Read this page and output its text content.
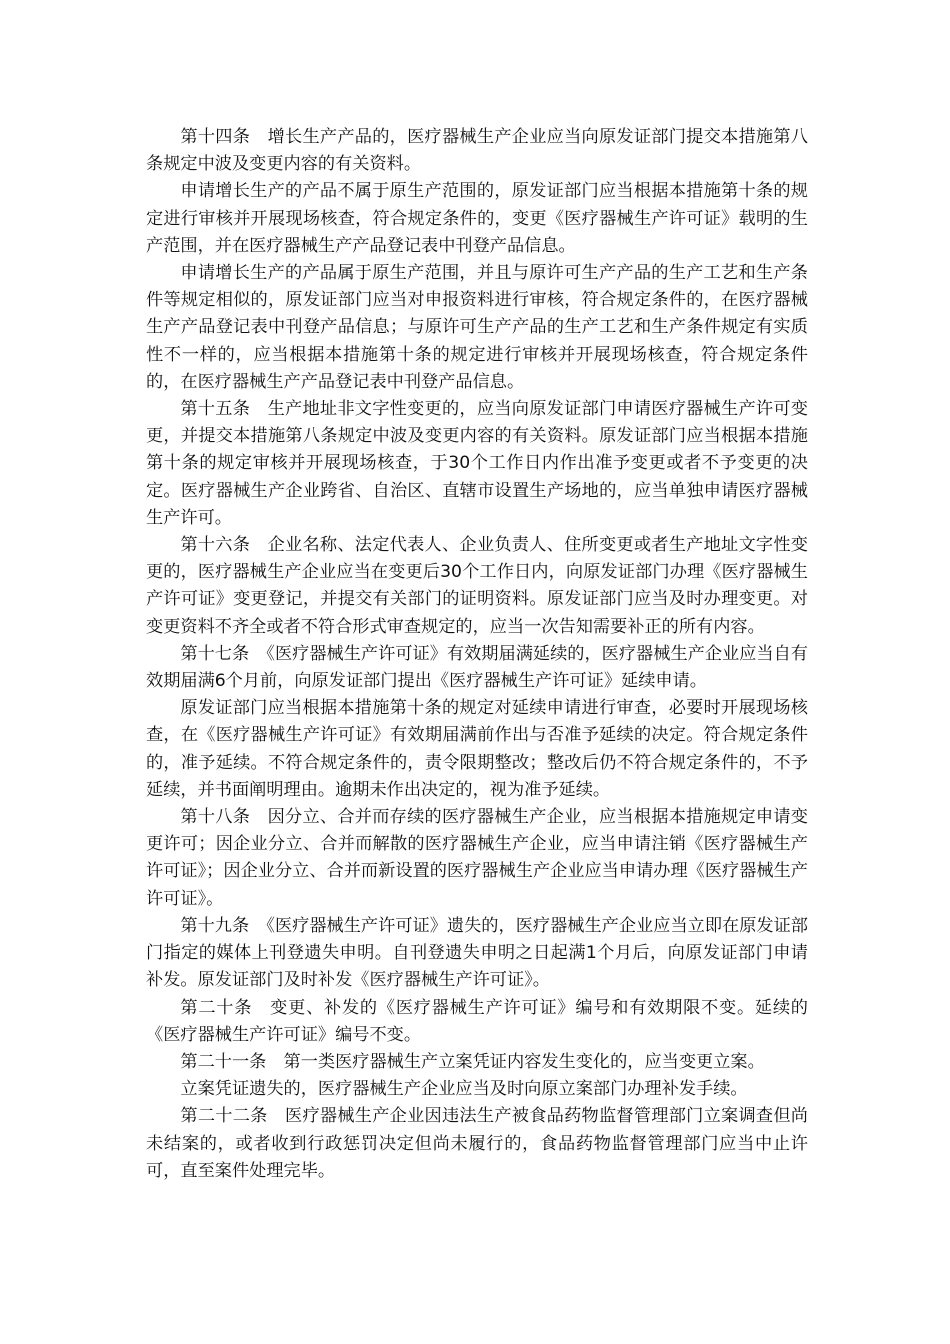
第十四条　增长生产产品的，医疗器械生产企业应当向原发证部门提交本措施第八条规定中波及变更内容的有关资料。

申请增长生产的产品不属于原生产范围的，原发证部门应当根据本措施第十条的规定进行审核并开展现场核查，符合规定条件的，变更《医疗器械生产许可证》载明的生产范围，并在医疗器械生产产品登记表中刊登产品信息。

申请增长生产的产品属于原生产范围，并且与原许可生产产品的生产工艺和生产条件等规定相似的，原发证部门应当对申报资料进行审核，符合规定条件的，在医疗器械生产产品登记表中刊登产品信息；与原许可生产产品的生产工艺和生产条件规定有实质性不一样的，应当根据本措施第十条的规定进行审核并开展现场核查，符合规定条件的，在医疗器械生产产品登记表中刊登产品信息。

第十五条　生产地址非文字性变更的，应当向原发证部门申请医疗器械生产许可变更，并提交本措施第八条规定中波及变更内容的有关资料。原发证部门应当根据本措施第十条的规定审核并开展现场核查，于30个工作日内作出准予变更或者不予变更的决定。医疗器械生产企业跨省、自治区、直辖市设置生产场地的，应当单独申请医疗器械生产许可。

第十六条　企业名称、法定代表人、企业负责人、住所变更或者生产地址文字性变更的，医疗器械生产企业应当在变更后30个工作日内，向原发证部门办理《医疗器械生产许可证》变更登记，并提交有关部门的证明资料。原发证部门应当及时办理变更。对变更资料不齐全或者不符合形式审查规定的，应当一次告知需要补正的所有内容。

第十七条　《医疗器械生产许可证》有效期届满延续的，医疗器械生产企业应当自有效期届满6个月前，向原发证部门提出《医疗器械生产许可证》延续申请。

原发证部门应当根据本措施第十条的规定对延续申请进行审查，必要时开展现场核查，在《医疗器械生产许可证》有效期届满前作出与否准予延续的决定。符合规定条件的，准予延续。不符合规定条件的，责令限期整改；整改后仍不符合规定条件的，不予延续，并书面阐明理由。逾期未作出决定的，视为准予延续。

第十八条　因分立、合并而存续的医疗器械生产企业，应当根据本措施规定申请变更许可；因企业分立、合并而解散的医疗器械生产企业，应当申请注销《医疗器械生产许可证》；因企业分立、合并而新设置的医疗器械生产企业应当申请办理《医疗器械生产许可证》。

第十九条　《医疗器械生产许可证》遗失的，医疗器械生产企业应当立即在原发证部门指定的媒体上刊登遗失申明。自刊登遗失申明之日起满1个月后，向原发证部门申请补发。原发证部门及时补发《医疗器械生产许可证》。

第二十条　变更、补发的《医疗器械生产许可证》编号和有效期限不变。延续的《医疗器械生产许可证》编号不变。

第二十一条　第一类医疗器械生产立案凭证内容发生变化的，应当变更立案。

立案凭证遗失的，医疗器械生产企业应当及时向原立案部门办理补发手续。

第二十二条　医疗器械生产企业因违法生产被食品药物监督管理部门立案调查但尚未结案的，或者收到行政惩罚决定但尚未履行的，食品药物监督管理部门应当中止许可，直至案件处理完毕。
